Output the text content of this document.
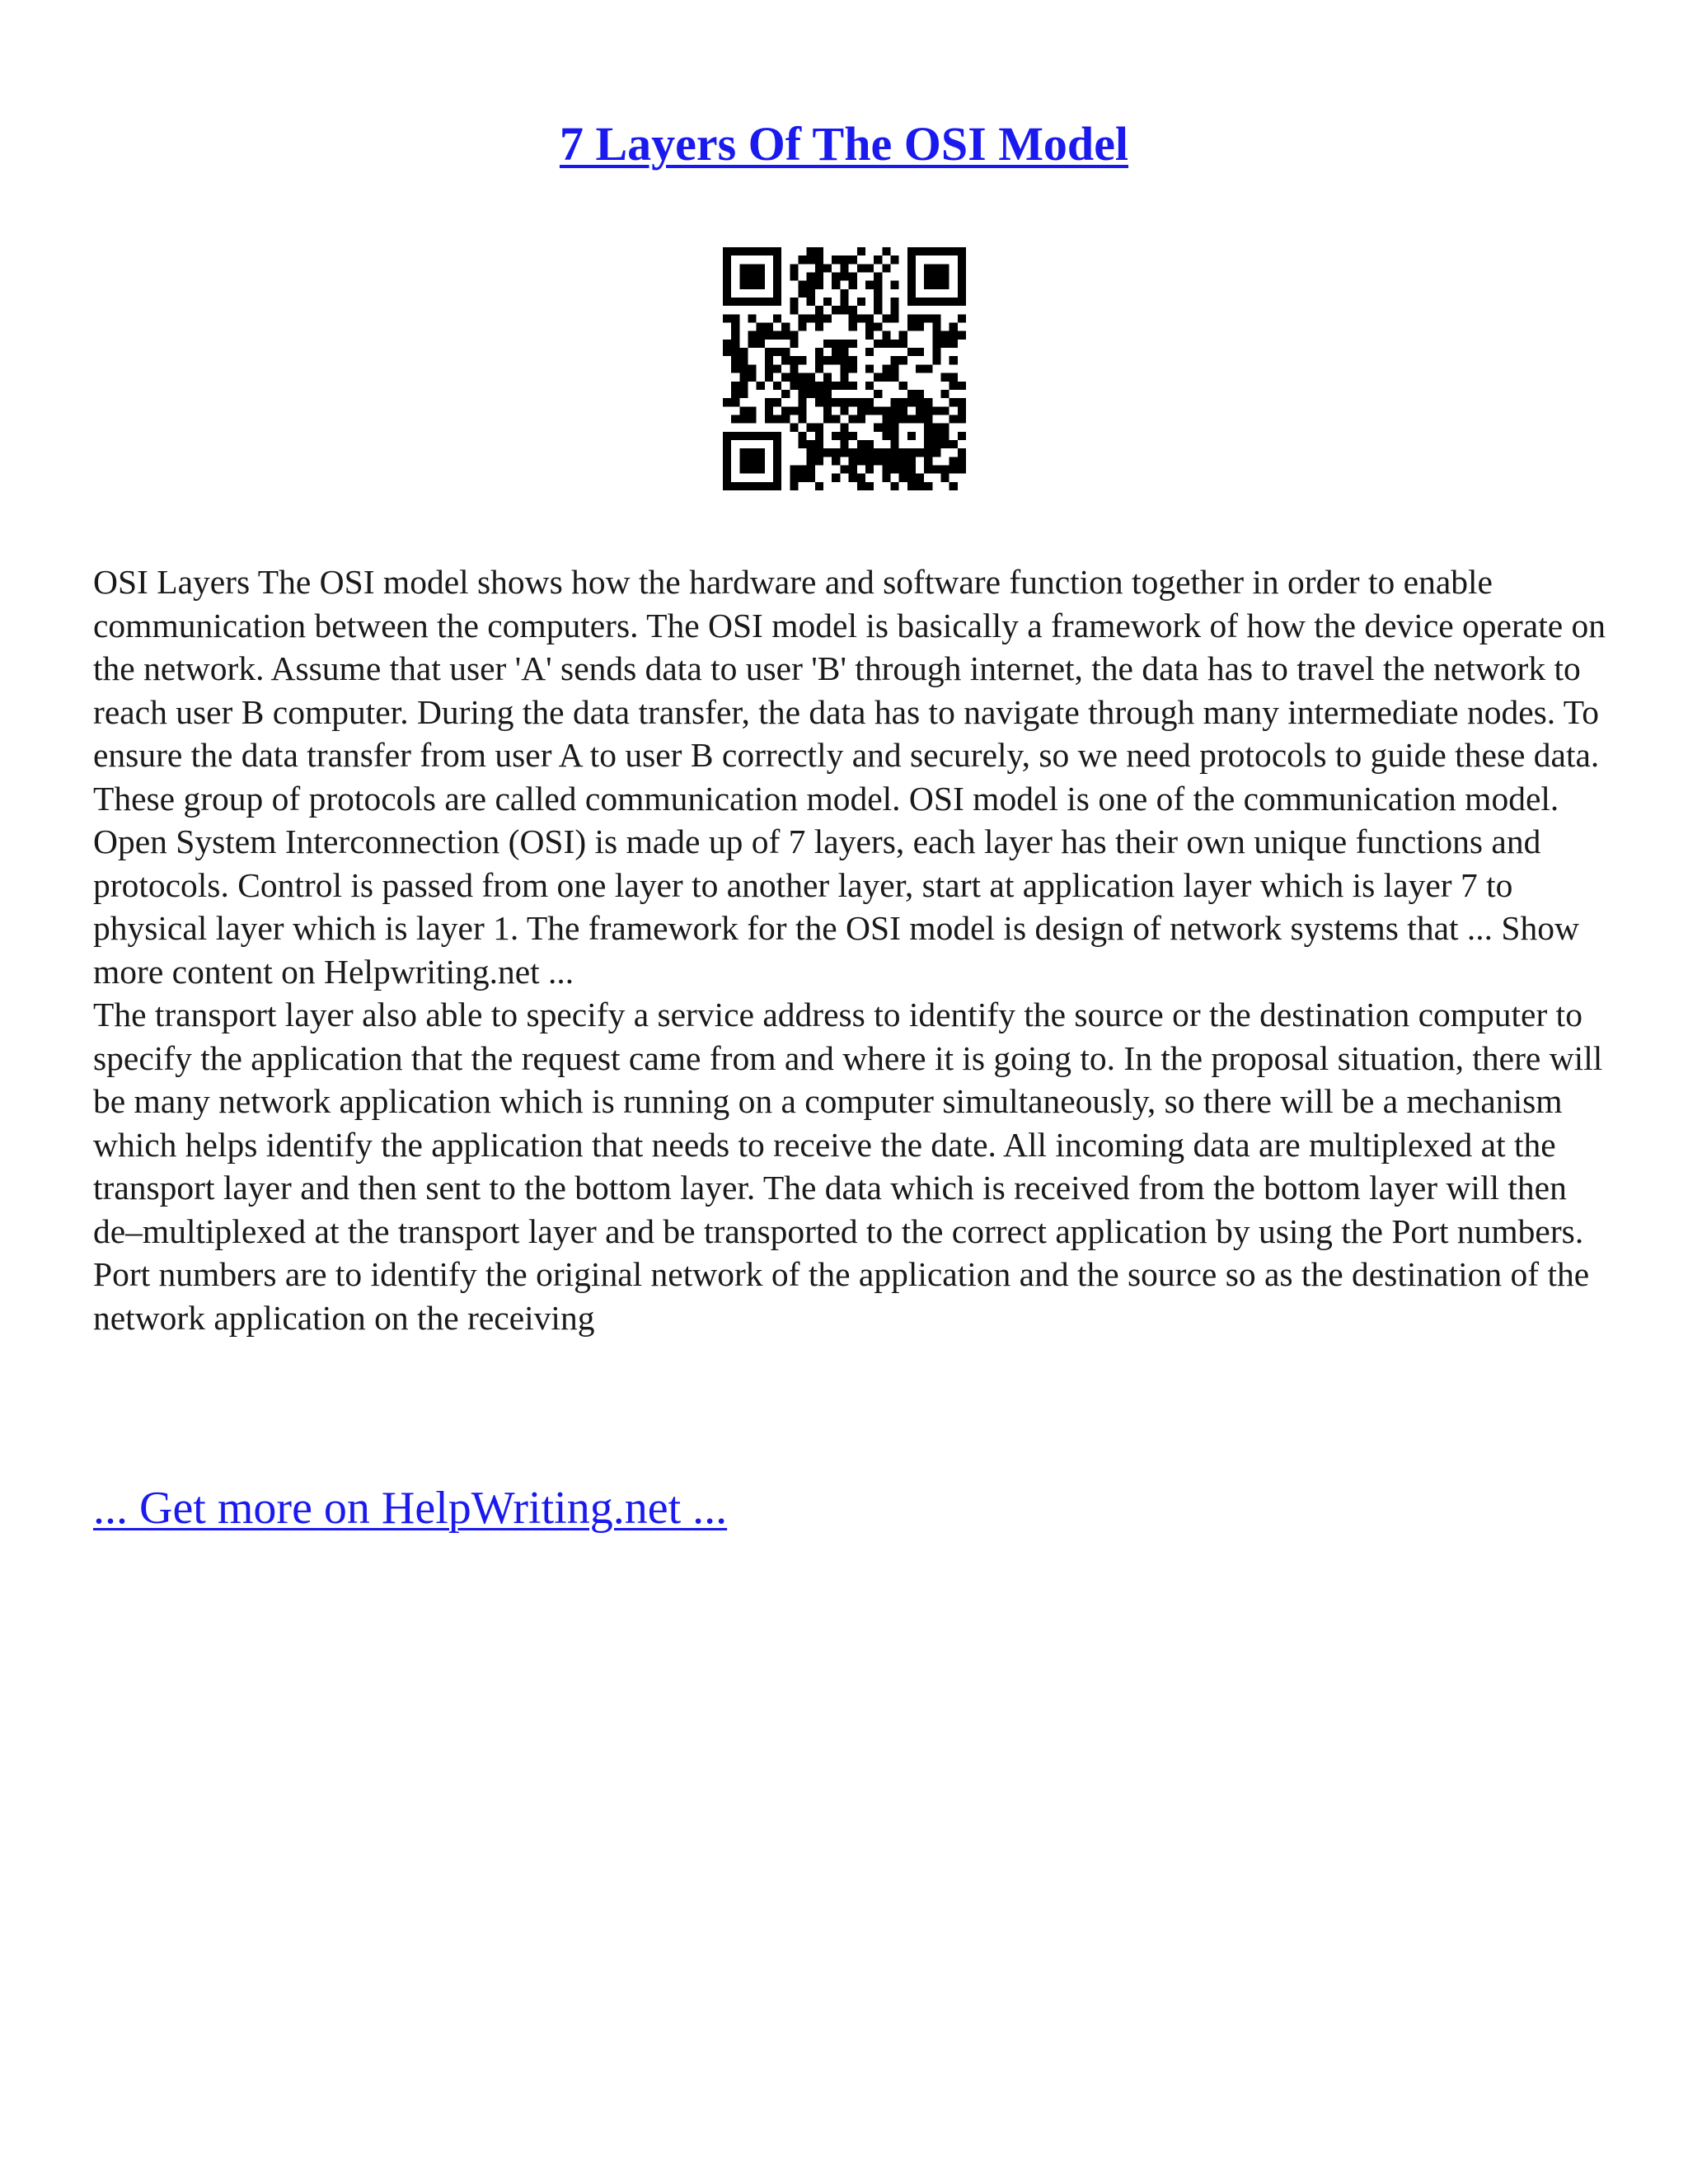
7 Layers Of The OSI Model

OSI Layers The OSI model shows how the hardware and software function together in order to enable communication between the computers. The OSI model is basically a framework of how the device operate on the network. Assume that user 'A' sends data to user 'B' through internet, the data has to travel the network to reach user B computer. During the data transfer, the data has to navigate through many intermediate nodes. To ensure the data transfer from user A to user B correctly and securely, so we need protocols to guide these data. These group of protocols are called communication model. OSI model is one of the communication model. Open System Interconnection (OSI) is made up of 7 layers, each layer has their own unique functions and protocols. Control is passed from one layer to another layer, start at application layer which is layer 7 to physical layer which is layer 1. The framework for the OSI model is design of network systems that ... Show more content on Helpwriting.net ...

The transport layer also able to specify a service address to identify the source or the destination computer to specify the application that the request came from and where it is going to. In the proposal situation, there will be many network application which is running on a computer simultaneously, so there will be a mechanism which helps identify the application that needs to receive the date. All incoming data are multiplexed at the transport layer and then sent to the bottom layer. The data which is received from the bottom layer will then de–multiplexed at the transport layer and be transported to the correct application by using the Port numbers. Port numbers are to identify the original network of the application and the source so as the destination of the network application on the receiving

... Get more on HelpWriting.net ...
